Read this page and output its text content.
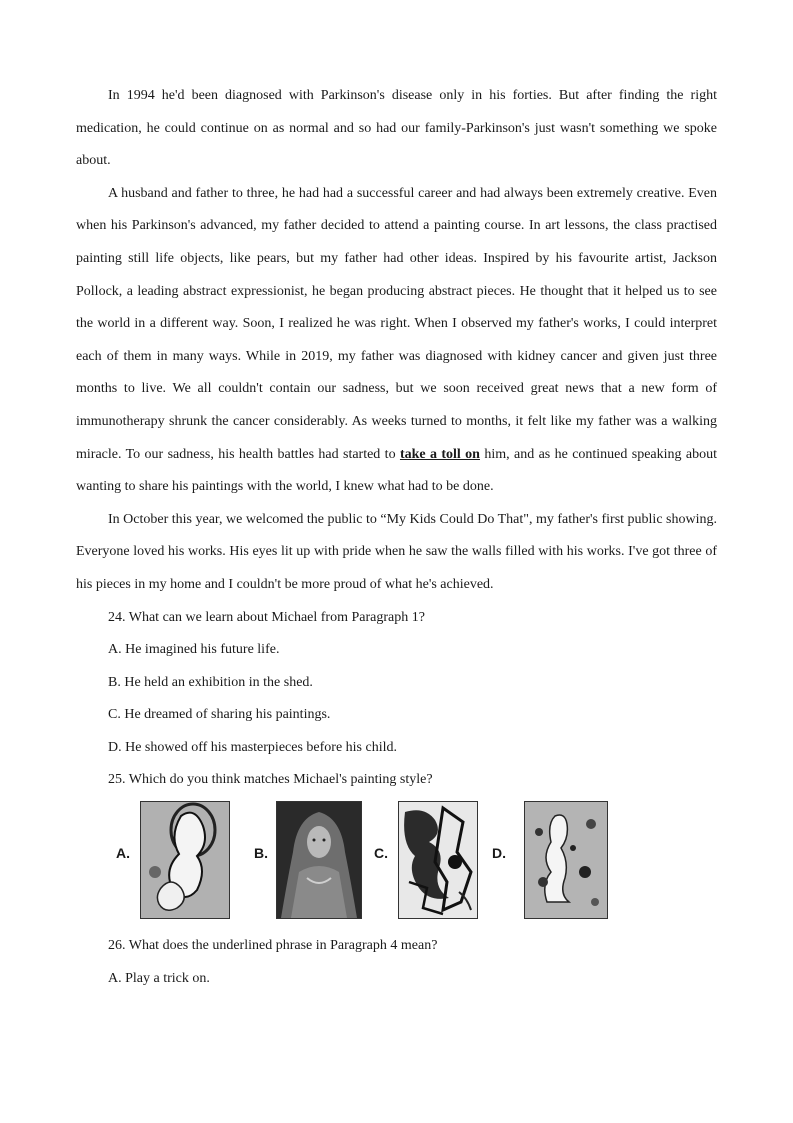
In 1994 he'd been diagnosed with Parkinson's disease only in his forties. But after finding the right medication, he could continue on as normal and so had our family-Parkinson's just wasn't something we spoke about.

A husband and father to three, he had had a successful career and had always been extremely creative. Even when his Parkinson's advanced, my father decided to attend a painting course. In art lessons, the class practised painting still life objects, like pears, but my father had other ideas. Inspired by his favourite artist, Jackson Pollock, a leading abstract expressionist, he began producing abstract pieces. He thought that it helped us to see the world in a different way. Soon, I realized he was right. When I observed my father's works, I could interpret each of them in many ways. While in 2019, my father was diagnosed with kidney cancer and given just three months to live. We all couldn't contain our sadness, but we soon received great news that a new form of immunotherapy shrunk the cancer considerably. As weeks turned to months, it felt like my father was a walking miracle. To our sadness, his health battles had started to take a toll on him, and as he continued speaking about wanting to share his paintings with the world, I knew what had to be done.

In October this year, we welcomed the public to “My Kids Could Do That", my father's first public showing. Everyone loved his works. His eyes lit up with pride when he saw the walls filled with his works. I've got three of his pieces in my home and I couldn't be more proud of what he's achieved.

24. What can we learn about Michael from Paragraph 1?

A. He imagined his future life.

B. He held an exhibition in the shed.

C. He dreamed of sharing his paintings.

D. He showed off his masterpieces before his child.

25. Which do you think matches Michael's painting style?

A.	B.	C.	D.

26. What does the underlined phrase in Paragraph 4 mean?

A. Play a trick on.
